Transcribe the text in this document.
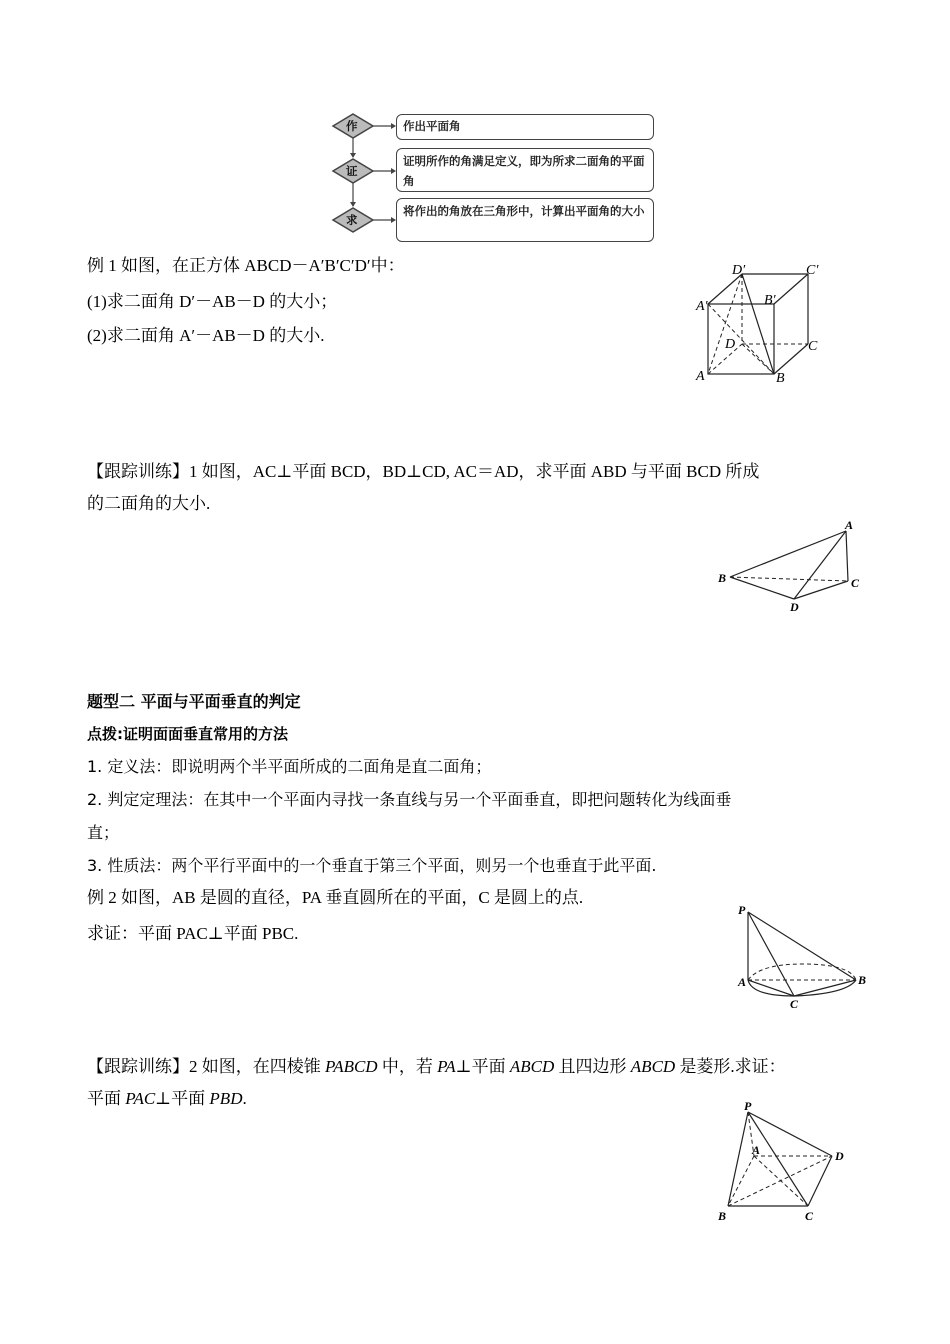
作
证
求
作出平面角
证明所作的角满足定义，即为所求二面角的平面角
将作出的角放在三角形中，计算出平面角的大小
例 1 如图，在正方体 ABCD－A′B′C′D′中：
(1)求二面角 D′－AB－D 的大小；
(2)求二面角 A′－AB－D 的大小.
D′	C′
A′	B′
D	C
A	B
【跟踪训练】1 如图，AC⊥平面 BCD，BD⊥CD, AC＝AD，求平面 ABD 与平面 BCD 所成
的二面角的大小.
A
B	C
D
题型二 平面与平面垂直的判定
点拨:证明面面垂直常用的方法
1. 定义法：即说明两个半平面所成的二面角是直二面角；
2. 判定定理法：在其中一个平面内寻找一条直线与另一个平面垂直，即把问题转化为线面垂
直；
3. 性质法：两个平行平面中的一个垂直于第三个平面，则另一个也垂直于此平面.
例 2 如图，AB 是圆的直径，PA 垂直圆所在的平面，C 是圆上的点.
求证：平面 PAC⊥平面 PBC.
P
A	B
C
【跟踪训练】2 如图，在四棱锥 PABCD 中，若 PA⊥平面 ABCD 且四边形 ABCD 是菱形.求证：
平面 PAC⊥平面 PBD.	P
A
B	C
D
